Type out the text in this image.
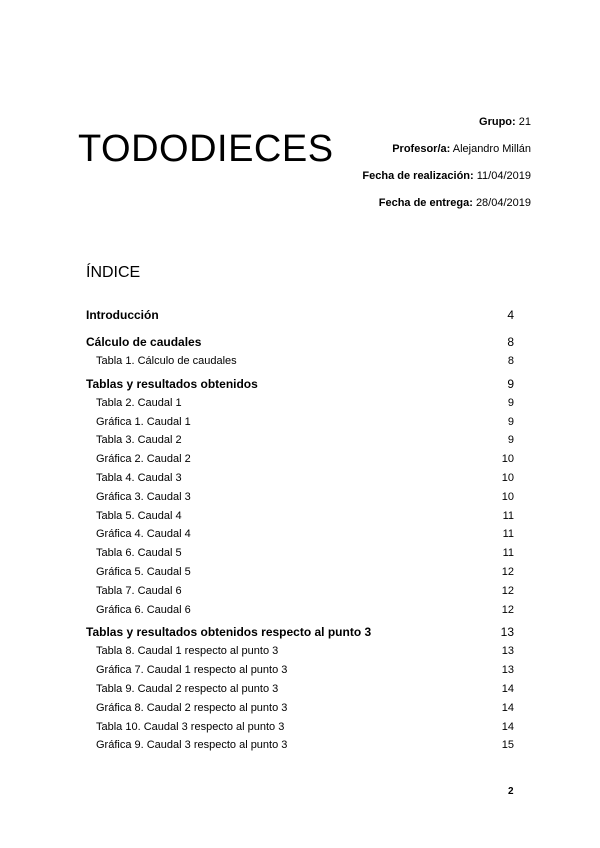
TODODIECES
Grupo: 21
Profesor/a: Alejandro Millán
Fecha de realización: 11/04/2019
Fecha de entrega: 28/04/2019
ÍNDICE
Introducción	4
Cálculo de caudales	8
Tabla 1. Cálculo de caudales	8
Tablas y resultados obtenidos	9
Tabla 2. Caudal 1	9
Gráfica 1. Caudal 1	9
Tabla 3. Caudal 2	9
Gráfica 2. Caudal 2	10
Tabla 4. Caudal 3	10
Gráfica 3. Caudal 3	10
Tabla 5. Caudal 4	11
Gráfica 4. Caudal 4	11
Tabla 6. Caudal 5	11
Gráfica 5. Caudal 5	12
Tabla 7. Caudal 6	12
Gráfica 6. Caudal 6	12
Tablas y resultados obtenidos respecto al punto 3	13
Tabla 8. Caudal 1 respecto al punto 3	13
Gráfica 7. Caudal 1 respecto al punto 3	13
Tabla 9. Caudal 2 respecto al punto 3	14
Gráfica 8. Caudal 2 respecto al punto 3	14
Tabla 10. Caudal 3 respecto al punto 3	14
Gráfica 9. Caudal 3 respecto al punto 3	15
2
